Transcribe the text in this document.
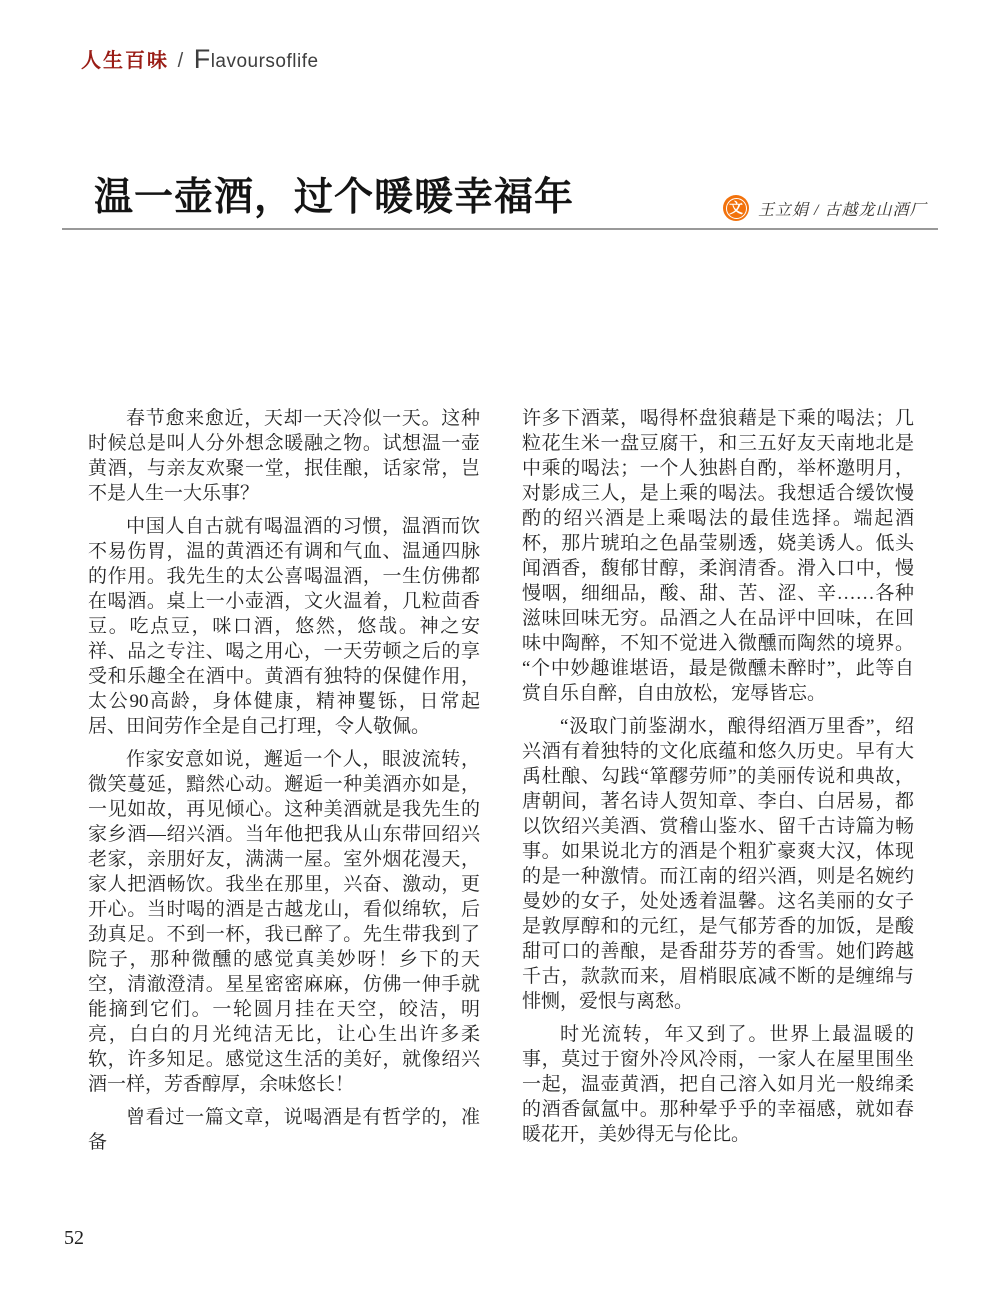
人生百味 / Flavoursoflife
温一壶酒，过个暖暖幸福年	文 王立娟 / 古越龙山酒厂

春节愈来愈近，天却一天冷似一天。这种时候总是叫人分外想念暖融之物。试想温一壶黄酒，与亲友欢聚一堂，抿佳酿，话家常，岂不是人生一大乐事？

中国人自古就有喝温酒的习惯，温酒而饮不易伤胃，温的黄酒还有调和气血、温通四脉的作用。我先生的太公喜喝温酒，一生仿佛都在喝酒。桌上一小壶酒，文火温着，几粒茴香豆。吃点豆，咪口酒，悠然，悠哉。神之安祥、品之专注、喝之用心，一天劳顿之后的享受和乐趣全在酒中。黄酒有独特的保健作用，太公90高龄，身体健康，精神矍铄，日常起居、田间劳作全是自己打理，令人敬佩。

作家安意如说，邂逅一个人，眼波流转，微笑蔓延，黯然心动。邂逅一种美酒亦如是，一见如故，再见倾心。这种美酒就是我先生的家乡酒—绍兴酒。当年他把我从山东带回绍兴老家，亲朋好友，满满一屋。室外烟花漫天，家人把酒畅饮。我坐在那里，兴奋、激动，更开心。当时喝的酒是古越龙山，看似绵软，后劲真足。不到一杯，我已醉了。先生带我到了院子，那种微醺的感觉真美妙呀！乡下的天空，清澈澄清。星星密密麻麻，仿佛一伸手就能摘到它们。一轮圆月挂在天空，皎洁，明亮，白白的月光纯洁无比，让心生出许多柔软，许多知足。感觉这生活的美好，就像绍兴酒一样，芳香醇厚，余味悠长！

曾看过一篇文章，说喝酒是有哲学的，准备

许多下酒菜，喝得杯盘狼藉是下乘的喝法；几粒花生米一盘豆腐干，和三五好友天南地北是中乘的喝法；一个人独斟自酌，举杯邀明月，对影成三人，是上乘的喝法。我想适合缓饮慢酌的绍兴酒是上乘喝法的最佳选择。端起酒杯，那片琥珀之色晶莹剔透，娆美诱人。低头闻酒香，馥郁甘醇，柔润清香。滑入口中，慢慢咽，细细品，酸、甜、苦、涩、辛……各种滋味回味无穷。品酒之人在品评中回味，在回味中陶醉，不知不觉进入微醺而陶然的境界。“个中妙趣谁堪语，最是微醺未醉时”，此等自赏自乐自醉，自由放松，宠辱皆忘。

“汲取门前鉴湖水，酿得绍酒万里香”，绍兴酒有着独特的文化底蕴和悠久历史。早有大禹杜酿、勾践“箪醪劳师”的美丽传说和典故，唐朝间，著名诗人贺知章、李白、白居易，都以饮绍兴美酒、赏稽山鉴水、留千古诗篇为畅事。如果说北方的酒是个粗犷豪爽大汉，体现的是一种激情。而江南的绍兴酒，则是名婉约曼妙的女子，处处透着温馨。这名美丽的女子是敦厚醇和的元红，是气郁芳香的加饭，是酸甜可口的善酿，是香甜芬芳的香雪。她们跨越千古，款款而来，眉梢眼底减不断的是缠绵与悱恻，爱恨与离愁。

时光流转，年又到了。世界上最温暖的事，莫过于窗外冷风冷雨，一家人在屋里围坐一起，温壶黄酒，把自己溶入如月光一般绵柔的酒香氤氲中。那种晕乎乎的幸福感，就如春暖花开，美妙得无与伦比。

52
